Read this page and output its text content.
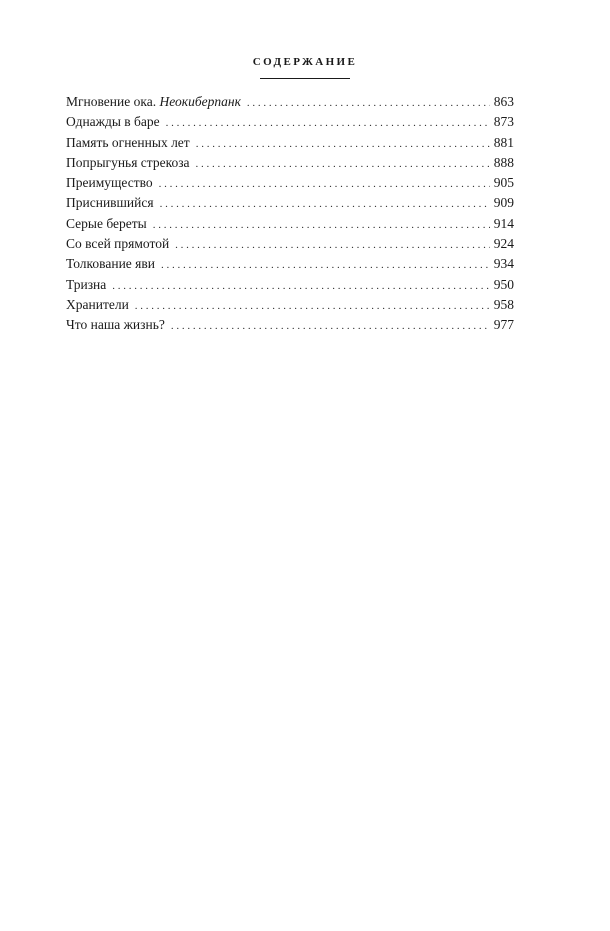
СОДЕРЖАНИЕ
Мгновение ока. Неокиберпанк . . .	863
Однажды в баре . . .	873
Память огненных лет . . .	881
Попрыгунья стрекоза . . .	888
Преимущество . . .	905
Приснившийся . . .	909
Серые береты . . .	914
Со всей прямотой . . .	924
Толкование яви . . .	934
Тризна . . .	950
Хранители . . .	958
Что наша жизнь? . . .	977
